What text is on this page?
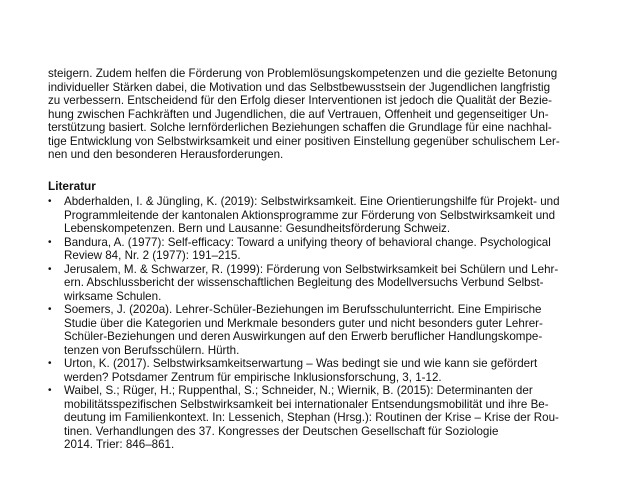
steigern. Zudem helfen die Förderung von Problemlösungskompetenzen und die gezielte Betonung
individueller Stärken dabei, die Motivation und das Selbstbewusstsein der Jugendlichen langfristig
zu verbessern. Entscheidend für den Erfolg dieser Interventionen ist jedoch die Qualität der Bezie-
hung zwischen Fachkräften und Jugendlichen, die auf Vertrauen, Offenheit und gegenseitiger Un-
terstützung basiert. Solche lernförderlichen Beziehungen schaffen die Grundlage für eine nachhal-
tige Entwicklung von Selbstwirksamkeit und einer positiven Einstellung gegenüber schulischem Ler-
nen und den besonderen Herausforderungen.
Literatur
•	Abderhalden, I. & Jüngling, K. (2019): Selbstwirksamkeit. Eine Orientierungshilfe für Projekt- und
Programmleitende der kantonalen Aktionsprogramme zur Förderung von Selbstwirksamkeit und
Lebenskompetenzen. Bern und Lausanne: Gesundheitsförderung Schweiz.
•	Bandura, A. (1977): Self-efficacy: Toward a unifying theory of behavioral change. Psychological
Review 84, Nr. 2 (1977): 191–215.
•	Jerusalem, M. & Schwarzer, R. (1999): Förderung von Selbstwirksamkeit bei Schülern und Lehr-
ern. Abschlussbericht der wissenschaftlichen Begleitung des Modellversuchs Verbund Selbst-
wirksame Schulen.
•	Soemers, J. (2020a). Lehrer-Schüler-Beziehungen im Berufsschulunterricht. Eine Empirische
Studie über die Kategorien und Merkmale besonders guter und nicht besonders guter Lehrer-
Schüler-Beziehungen und deren Auswirkungen auf den Erwerb beruflicher Handlungskompe-
tenzen von Berufsschülern. Hürth.
•	Urton, K. (2017). Selbstwirksamkeitserwartung – Was bedingt sie und wie kann sie gefördert
werden? Potsdamer Zentrum für empirische Inklusionsforschung, 3, 1-12.
•	Waibel, S.; Rüger, H.; Ruppenthal, S.; Schneider, N.; Wiernik, B. (2015): Determinanten der
mobilitätsspezifischen Selbstwirksamkeit bei internationaler Entsendungsmobilität und ihre Be-
deutung im Familienkontext. In: Lessenich, Stephan (Hrsg.): Routinen der Krise – Krise der Rou-
tinen. Verhandlungen des 37. Kongresses der Deutschen Gesellschaft für Soziologie
2014. Trier: 846–861.
